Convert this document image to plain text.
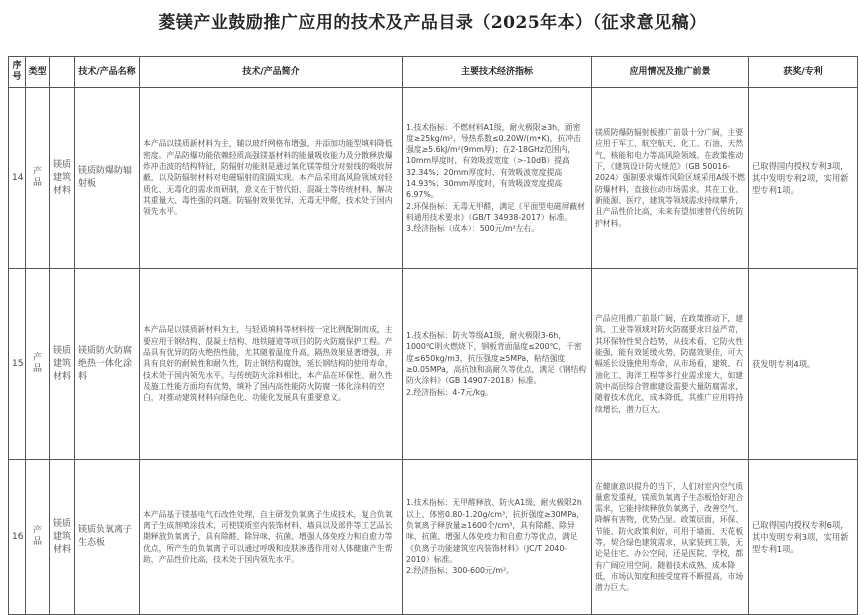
菱镁产业鼓励推广应用的技术及产品目录（2025年本）（征求意见稿）
序号	类型		技术/产品名称	技术/产品简介	主要技术经济指标	应用情况及推广前景	获奖/专利
14	产品	镁质建筑材料	镁质防爆防辐射板	本产品以镁质新材料为主，辅以玻纤网格布增强，并添加功能型填料降低密度。产品防爆功能依赖轻质高强镁基材料的能量吸收能力及分散释放爆炸冲击波的结构特征，防辐射功能则是通过氧化镁等组分对射线的吸收屏蔽，以及防辐射材料对电磁辐射的阻隔实现。本产品采用高风险领域对轻质化、无毒化的需求而研制，意义在于替代铅、混凝土等传统材料，解决其重量大、毒性强的问题。防辐射效果优异，无毒无甲醛，技术处于国内领先水平。	1.技术指标：不燃材料A1级，耐火极限≥3h，面密度≥25kg/m²，导热系数≤0.20W/(m•K)，抗冲击强度≥5.6kJ/m²(9mm厚)；在2-18GHz范围内，10mm厚度时，有效吸波宽度（>-10dB）提高32.34%；20mm厚度时，有效吸波宽度提高14.93%；30mm厚度时，有效吸波宽度提高6.97%。
2.环保指标：无毒无甲醛，满足《平面型电磁屏蔽材料通用技术要求》（GB/T 34938-2017）标准。
3.经济指标（成本）：500元/m²左右。	镁质防爆防辐射板推广前景十分广阔，主要应用于军工、航空航天、化工、石油、天然气、核能和电力等高风险领域。在政策推动下，《建筑设计防火规范》（GB 50016-2024）强制要求爆炸风险区域采用A级不燃防爆材料，直接拉动市场需求。其在工业、新能源、医疗、建筑等领域需求持续攀升，且产品性价比高，未来有望加速替代传统防护材料。	已取得国内授权专利3项，其中发明专利2项，实用新型专利1项。
15	产品	镁质建筑材料	镁质防火防腐绝热一体化涂料	本产品是以镁质新材料为主，与轻质填料等材料按一定比例配制而成，主要应用于钢结构、混凝土结构、地铁隧道等项目的防火防腐保护工程。产品具有优异的防火绝热性能，尤其随着温度升高，隔热效果显著增强，并具有良好的耐候性和耐久性，防止钢结构腐蚀，延长钢结构的使用寿命，技术处于国内领先水平。与传统防火涂料相比，本产品在环保性、耐久性及施工性能方面均有优势，填补了国内高性能防火防腐一体化涂料的空白，对推动建筑材料向绿色化、功能化发展具有重要意义。	1.技术指标：防火等级A1级，耐火极限3-6h，1000℃明火燃烧下，钢板背面温度≤200℃，干密度≤650kg/m3，抗压强度≥5MPa，粘结强度≥0.05MPa，高抗蚀和高耐久等优点，满足《钢结构防火涂料》（GB 14907-2018）标准。
2.经济指标：4-7元/kg。	产品应用推广前景广阔，在政策推动下，建筑、工业等领域对防火防腐要求日益严苛，其环保特性契合趋势，从技术看，它防火性能强，能有效延缓火势，防腐效果佳，可大幅延长设施使用寿命，从市场看，建筑、石油化工、海洋工程等多行业需求庞大，如建筑中高层综合管廊建设需要大量防腐需求，随着技术优化，成本降低，其推广应用将持续增长，潜力巨大。	获发明专利4项。
16	产品	镁质建筑材料	镁质负氧离子生态板	本产品基于镁基电气石改性处理，自主研发负氧离子生成技术，复合负氧离子生成剂喷涂技术，可使镁质室内装饰材料、墙具以及部件等工艺品长期释放负氧离子，具有除醛、除异味、抗菌、增强人体免疫力和自愈力等优点，所产生的负氧离子可以通过呼吸和皮肤渗透作用对人体健康产生帮助，产品性价比高，技术处于国内领先水平。	1.技术指标：无甲醛释放、防火A1级、耐火极限2h以上、体密0.80-1.20g/cm³，抗折强度≥30MPa，负氧离子释放量≥1600个/cm³，具有除醛、除异味、抗菌、增强人体免疫力和自愈力等优点，满足《负离子功能建筑室内装饰材料》（JC/T 2040-2010）标准。
2.经济指标：300-600元/m²。	在健康意识提升的当下，人们对室内空气质量愈发重视，镁质负氧离子生态板恰好迎合需求，它能持续释放负氧离子，改善空气、降解有害物，优势凸显。政策层面，环保、节能、防火政策利好，可用于墙面、天花板等，契合绿色建筑需求，从家装到工装，无论是住宅、办公空间，还是医院、学校，都有广阔应用空间。随着技术成熟、成本降低，市场认知度和接受度将不断提高，市场潜力巨大。	已取得国内授权专利6项，其中发明专利3项，实用新型专利1项。
